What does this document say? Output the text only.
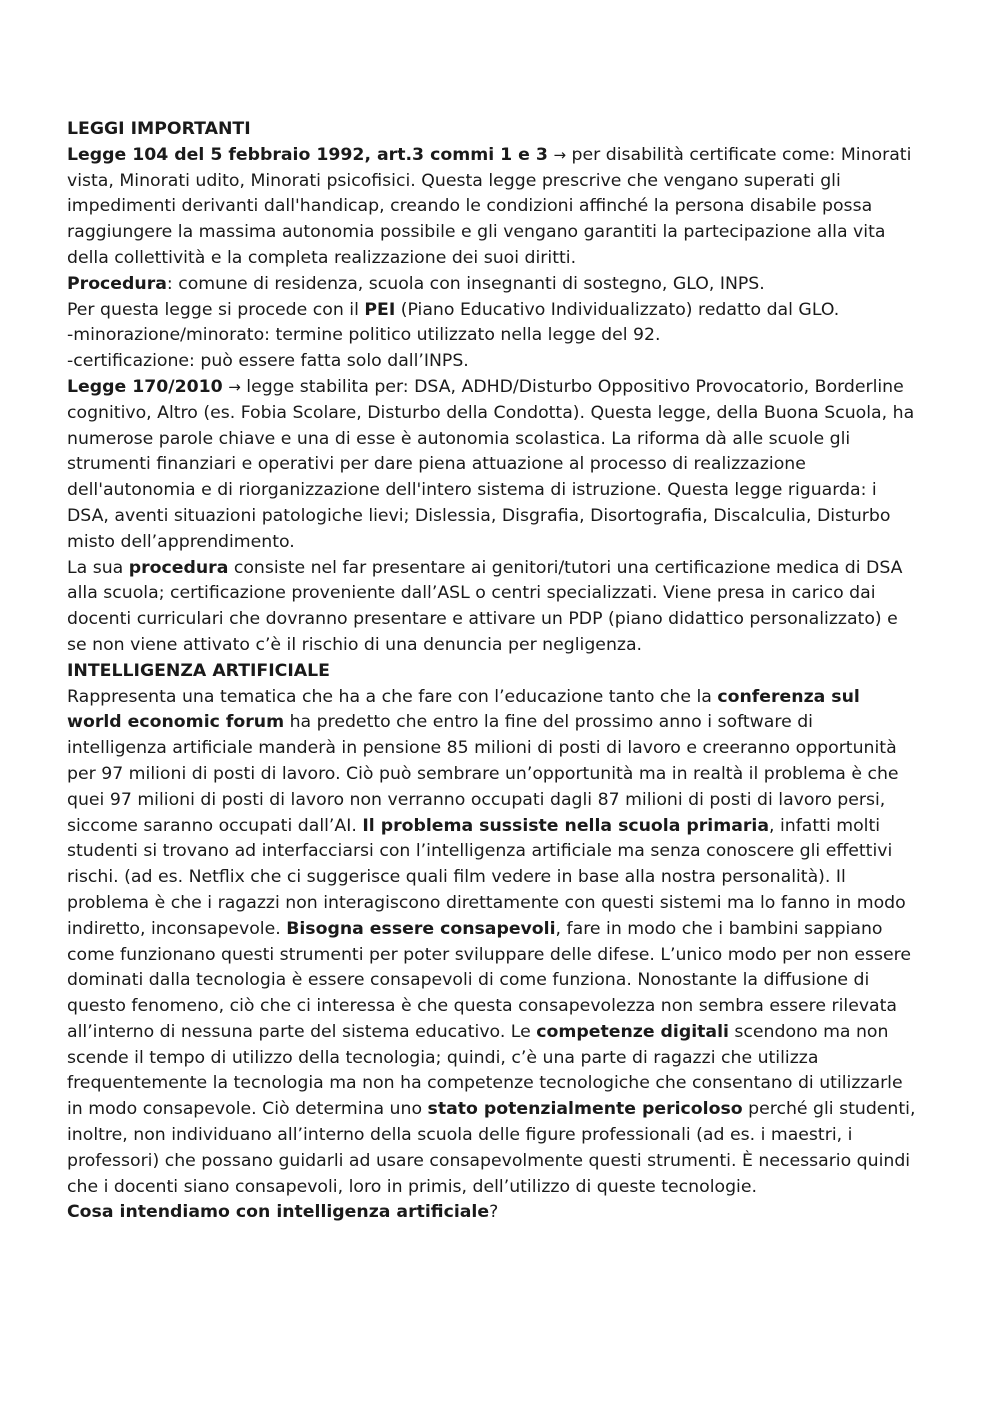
LEGGI IMPORTANTI

Legge 104 del 5 febbraio 1992, art.3 commi 1 e 3 → per disabilità certificate come: Minorati vista, Minorati udito, Minorati psicofisici. Questa legge prescrive che vengano superati gli impedimenti derivanti dall'handicap, creando le condizioni affinché la persona disabile possa raggiungere la massima autonomia possibile e gli vengano garantiti la partecipazione alla vita della collettività e la completa realizzazione dei suoi diritti.

Procedura: comune di residenza, scuola con insegnanti di sostegno, GLO, INPS.

Per questa legge si procede con il PEI (Piano Educativo Individualizzato) redatto dal GLO.

-minorazione/minorato: termine politico utilizzato nella legge del 92.

-certificazione: può essere fatta solo dall’INPS.

Legge 170/2010 → legge stabilita per: DSA, ADHD/Disturbo Oppositivo Provocatorio, Borderline cognitivo, Altro (es. Fobia Scolare, Disturbo della Condotta). Questa legge, della Buona Scuola, ha numerose parole chiave e una di esse è autonomia scolastica. La riforma dà alle scuole gli strumenti finanziari e operativi per dare piena attuazione al processo di realizzazione dell'autonomia e di riorganizzazione dell'intero sistema di istruzione. Questa legge riguarda: i DSA, aventi situazioni patologiche lievi; Dislessia, Disgrafia, Disortografia, Discalculia, Disturbo misto dell’apprendimento.

La sua procedura consiste nel far presentare ai genitori/tutori una certificazione medica di DSA alla scuola; certificazione proveniente dall’ASL o centri specializzati. Viene presa in carico dai docenti curriculari che dovranno presentare e attivare un PDP (piano didattico personalizzato) e se non viene attivato c’è il rischio di una denuncia per negligenza.

INTELLIGENZA ARTIFICIALE

Rappresenta una tematica che ha a che fare con l’educazione tanto che la conferenza sul world economic forum ha predetto che entro la fine del prossimo anno i software di intelligenza artificiale manderà in pensione 85 milioni di posti di lavoro e creeranno opportunità per 97 milioni di posti di lavoro. Ciò può sembrare un’opportunità ma in realtà il problema è che quei 97 milioni di posti di lavoro non verranno occupati dagli 87 milioni di posti di lavoro persi, siccome saranno occupati dall’AI. Il problema sussiste nella scuola primaria, infatti molti studenti si trovano ad interfacciarsi con l’intelligenza artificiale ma senza conoscere gli effettivi rischi. (ad es. Netflix che ci suggerisce quali film vedere in base alla nostra personalità). Il problema è che i ragazzi non interagiscono direttamente con questi sistemi ma lo fanno in modo indiretto, inconsapevole. Bisogna essere consapevoli, fare in modo che i bambini sappiano come funzionano questi strumenti per poter sviluppare delle difese. L’unico modo per non essere dominati dalla tecnologia è essere consapevoli di come funziona. Nonostante la diffusione di questo fenomeno, ciò che ci interessa è che questa consapevolezza non sembra essere rilevata all’interno di nessuna parte del sistema educativo. Le competenze digitali scendono ma non scende il tempo di utilizzo della tecnologia; quindi, c’è una parte di ragazzi che utilizza frequentemente la tecnologia ma non ha competenze tecnologiche che consentano di utilizzarle in modo consapevole. Ciò determina uno stato potenzialmente pericoloso perché gli studenti, inoltre, non individuano all’interno della scuola delle figure professionali (ad es. i maestri, i professori) che possano guidarli ad usare consapevolmente questi strumenti. È necessario quindi che i docenti siano consapevoli, loro in primis, dell’utilizzo di queste tecnologie.

Cosa intendiamo con intelligenza artificiale?
